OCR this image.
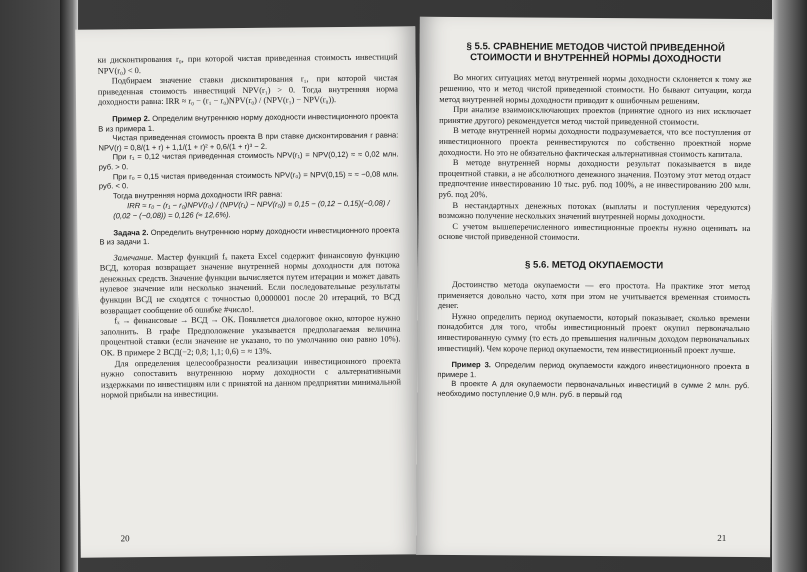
ки дисконтирования r₀, при которой чистая приведенная стоимость инвестиций NPV(r₀) < 0.

Подбираем значение ставки дисконтирования r₁, при которой чистая приведенная стоимость инвестиций NPV(r₁) > 0. Тогда внутренняя норма доходности равна: IRR ≈ r₀ − (r₁ − r₀)NPV(r₀) / (NPV(r₁) − NPV(r₀)).

Пример 2. Определим внутреннюю норму доходности инвестиционного проекта B из примера 1.

Чистая приведенная стоимость проекта B при ставке дисконтирования r равна: NPV(r) = 0,8/(1 + r) + 1,1/(1 + r)² + 0,6/(1 + r)³ − 2.

При r₁ = 0,12 чистая приведенная стоимость NPV(r₁) = NPV(0,12) ≈ ≈ 0,02 млн. руб. > 0.

При r₀ = 0,15 чистая приведенная стоимость NPV(r₀) = NPV(0,15) ≈ ≈ −0,08 млн. руб. < 0.

Тогда внутренняя норма доходности IRR равна:

IRR ≈ r₀ − (r₁ − r₀)NPV(r₀) / (NPV(r₁) − NPV(r₀)) = 0,15 − (0,12 − 0,15)(−0,08) / (0,02 − (−0,08)) = 0,126 (≈ 12,6%).

Задача 2. Определить внутреннюю норму доходности инвестиционного проекта B из задачи 1.

Замечание. Мастер функций fₓ пакета Excel содержит финансовую функцию ВСД, которая возвращает значение внутренней нормы доходности для потока денежных средств. Значение функции вычисляется путем итерации и может давать нулевое значение или несколько значений. Если последовательные результаты функции ВСД не сходятся с точностью 0,0000001 после 20 итераций, то ВСД возвращает сообщение об ошибке #число!.

fₓ → финансовые → ВСД → OK. Появляется диалоговое окно, которое нужно заполнить. В графе Предположение указывается предполагаемая величина процентной ставки (если значение не указано, то по умолчанию оно равно 10%). OK. В примере 2 ВСД(−2; 0,8; 1,1; 0,6) = ≈ 13%.

Для определения целесообразности реализации инвестиционного проекта нужно сопоставить внутреннюю норму доходности с альтернативными издержками по инвестициям или с принятой на данном предприятии минимальной нормой прибыли на инвестиции.

20
§ 5.5. СРАВНЕНИЕ МЕТОДОВ ЧИСТОЙ ПРИВЕДЕННОЙ СТОИМОСТИ И ВНУТРЕННЕЙ НОРМЫ ДОХОДНОСТИ

Во многих ситуациях метод внутренней нормы доходности склоняется к тому же решению, что и метод чистой приведенной стоимости. Но бывают ситуации, когда метод внутренней нормы доходности приводит к ошибочным решениям.

При анализе взаимоисключающих проектов (принятие одного из них исключает принятие другого) рекомендуется метод чистой приведенной стоимости.

В методе внутренней нормы доходности подразумевается, что все поступления от инвестиционного проекта реинвестируются по собственно проектной норме доходности. Но это не обязательно фактическая альтернативная стоимость капитала.

В методе внутренней нормы доходности результат показывается в виде процентной ставки, а не абсолютного денежного значения. Поэтому этот метод отдаст предпочтение инвестированию 10 тыс. руб. под 100%, а не инвестированию 200 млн. руб. под 20%.

В нестандартных денежных потоках (выплаты и поступления чередуются) возможно получение нескольких значений внутренней нормы доходности.

С учетом вышеперечисленного инвестиционные проекты нужно оценивать на основе чистой приведенной стоимости.

§ 5.6. МЕТОД ОКУПАЕМОСТИ

Достоинство метода окупаемости — его простота. На практике этот метод применяется довольно часто, хотя при этом не учитывается временная стоимость денег.

Нужно определить период окупаемости, который показывает, сколько времени понадобится для того, чтобы инвестиционный проект окупил первоначально инвестированную сумму (то есть до превышения наличным доходом первоначальных инвестиций). Чем короче период окупаемости, тем инвестиционный проект лучше.

Пример 3. Определим период окупаемости каждого инвестиционного проекта в примере 1.

В проекте A для окупаемости первоначальных инвестиций в сумме 2 млн. руб. необходимо поступление 0,9 млн. руб. в первый год

21
